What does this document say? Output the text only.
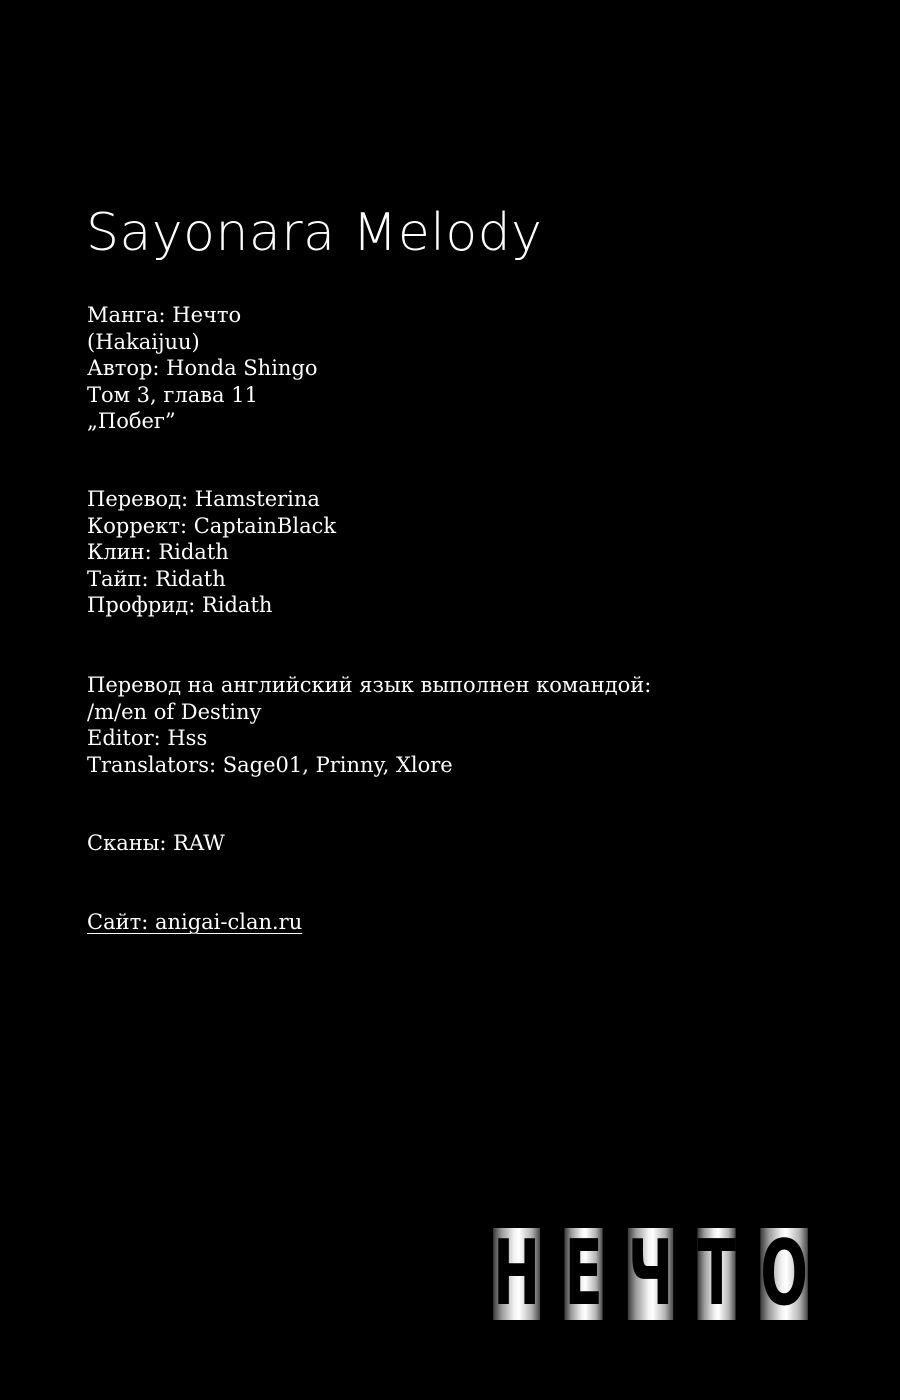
Sayonara Melody
Манга: Нечто
(Hakaijuu)
Автор: Honda Shingo
Том 3, глава 11
„Побег”
Перевод: Hamsterina
Коррект: CaptainBlack
Клин: Ridath
Тайп: Ridath
Профрид: Ridath
Перевод на английский язык выполнен командой:
/m/en of Destiny
Editor: Hss
Translators: Sage01, Prinny, Xlore
Сканы: RAW
Сайт: anigai-clan.ru
Н Е Ч Т О
